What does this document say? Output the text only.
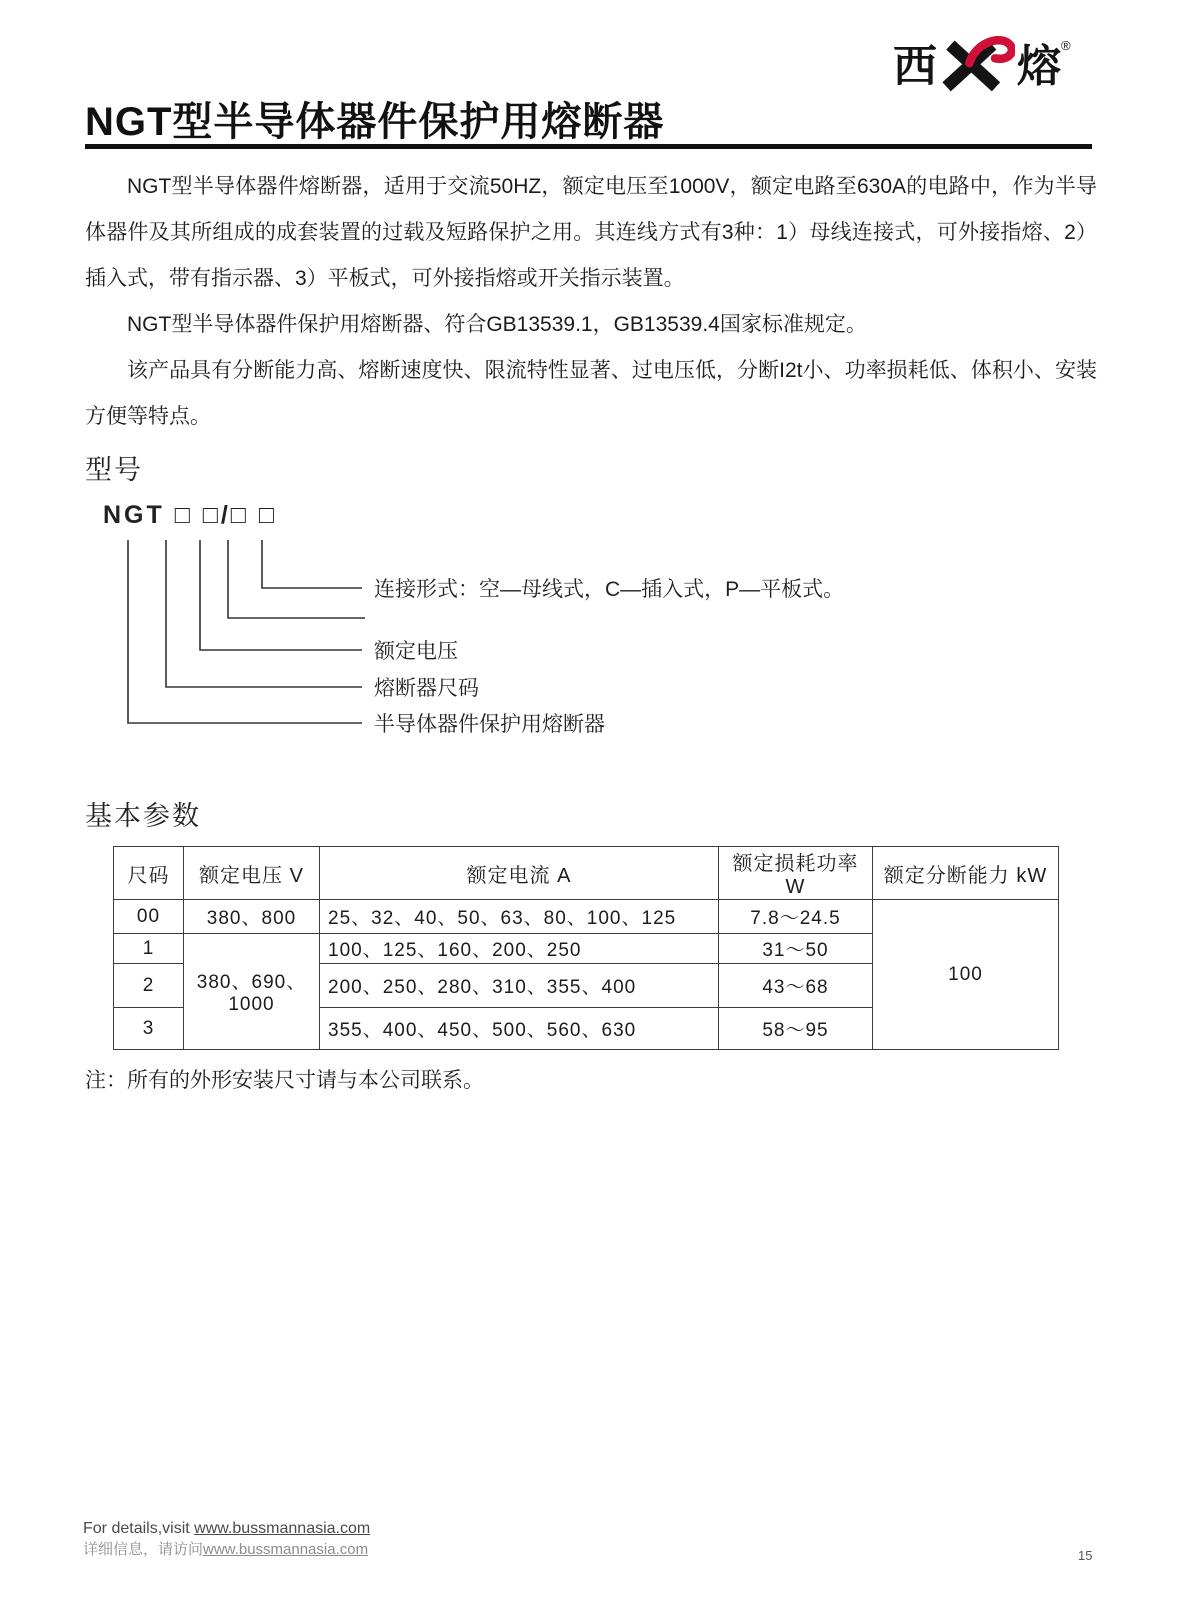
西 熔 ®
NGT型半导体器件保护用熔断器

NGT型半导体器件熔断器，适用于交流50HZ，额定电压至1000V，额定电路至630A的电路中，作为半导体器件及其所组成的成套装置的过载及短路保护之用。其连线方式有3种：1）母线连接式，可外接指熔、2）插入式，带有指示器、3）平板式，可外接指熔或开关指示装置。

NGT型半导体器件保护用熔断器、符合GB13539.1，GB13539.4国家标准规定。

该产品具有分断能力高、熔断速度快、限流特性显著、过电压低，分断I2t小、功率损耗低、体积小、安装方便等特点。

型号
NGT □ □/□ □
连接形式：空—母线式，C—插入式，P—平板式。
额定电压
熔断器尺码
半导体器件保护用熔断器
基本参数
尺码	额定电压 V	额定电流 A	额定损耗功率 W	额定分断能力 kW
00	380、800	25、32、40、50、63、80、100、125	7.8～24.5	100
1	380、690、1000	100、125、160、200、250	31～50	
2		200、250、280、310、355、400	43～68	
3		355、400、450、500、560、630	58～95	
注：所有的外形安装尺寸请与本公司联系。
For details,visit www.bussmannasia.com
详细信息，请访问www.bussmannasia.com	15
